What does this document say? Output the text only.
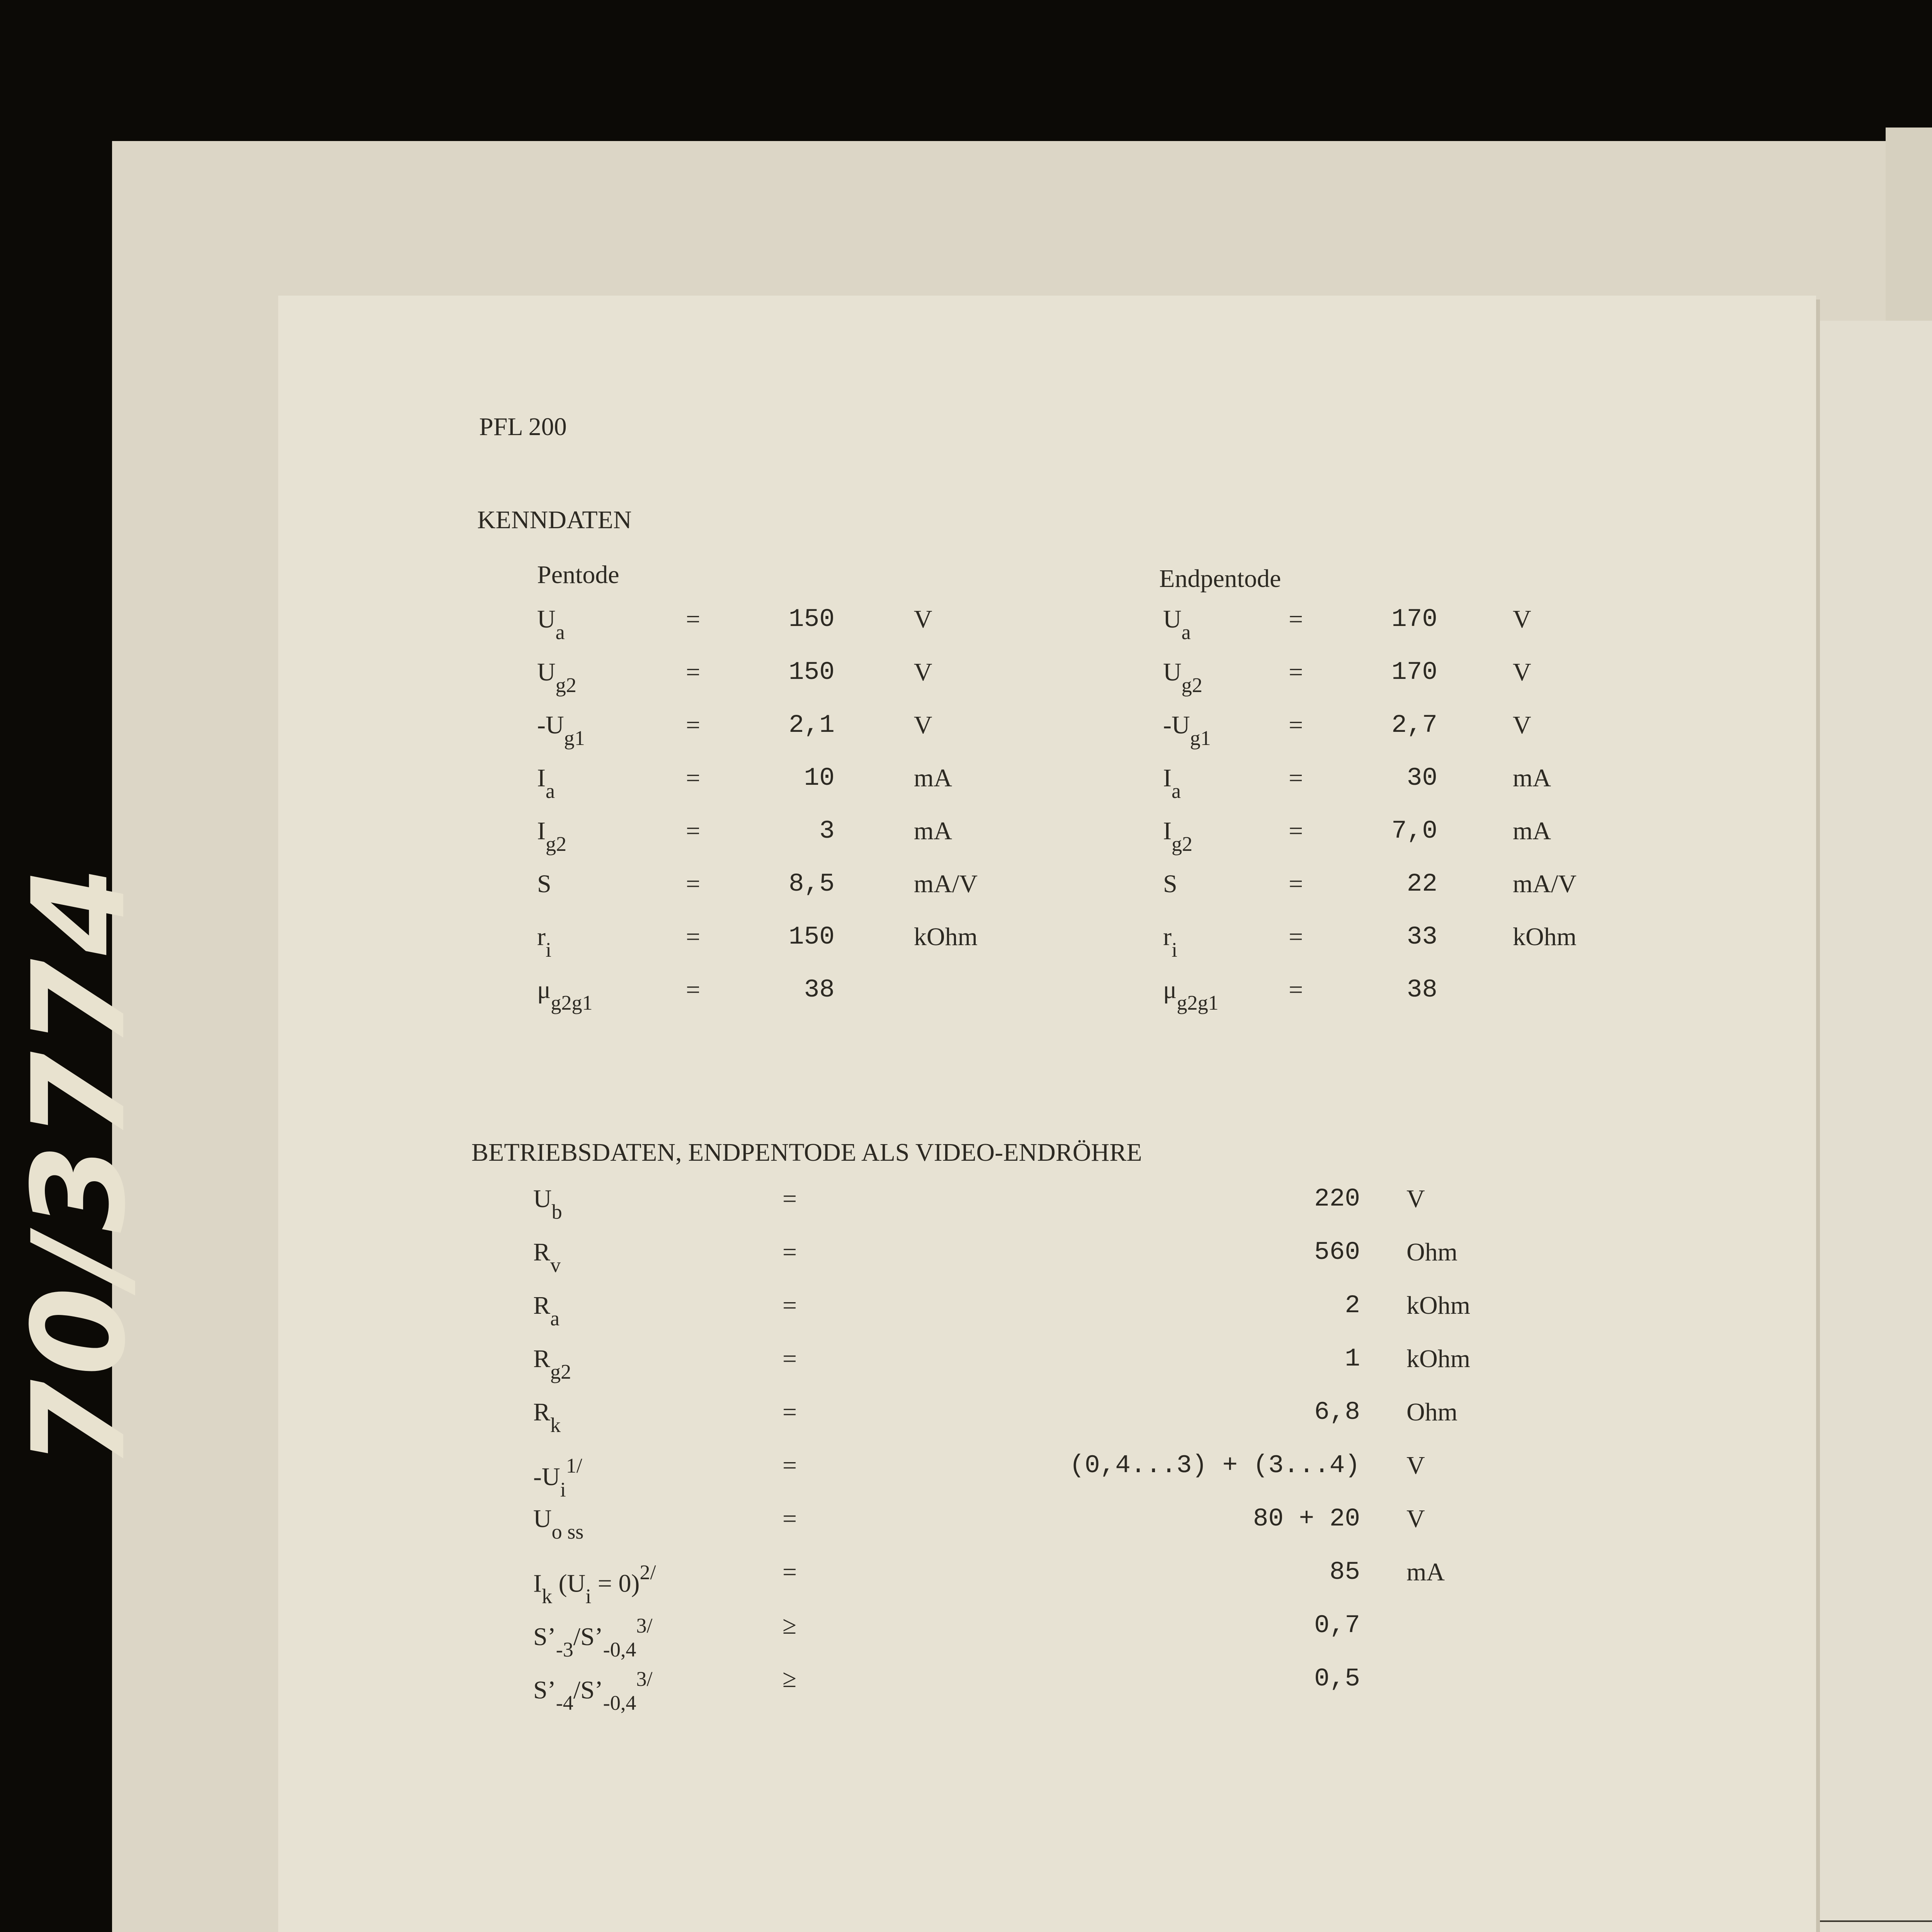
70/3774
PFL 200
KENNDATEN
Pentode	Endpentode
$U_a$	=	150	V
$U_{g2}$	=	150	V
$-U_{g1}$	=	2,1	V
$I_a$	=	10	mA
$I_{g2}$	=	3	mA
S	=	8,5	mA/V
$r_i$	=	150	kOhm
$\mu_{g2g1}$	=	38
$U_a$	=	170	V
$U_{g2}$	=	170	V
$-U_{g1}$	=	2,7	V
$I_a$	=	30	mA
$I_{g2}$	=	7,0	mA
S	=	22	mA/V
$r_i$	=	33	kOhm
$\mu_{g2g1}$	=	38
BETRIEBSDATEN, ENDPENTODE ALS VIDEO-ENDRÖHRE
$U_b$	=	220 V
$R_v$	=	560 Ohm
$R_a$	=	2 kOhm
$R_{g2}$	=	1 kOhm
$R_k$	=	6,8 Ohm
$-U_i^{1/}$	=	(0,4...3) + (3...4) V
$U_{o ss}$	=	80 + 20 V
$I_k$ $(U_i = 0)^{2/}$	=	85 mA
$S’_{-3}/S’_{-0,4}^{3/}$	≥	0,7
$S’_{-4}/S’_{-0,4}^{3/}$	≥	0,5
